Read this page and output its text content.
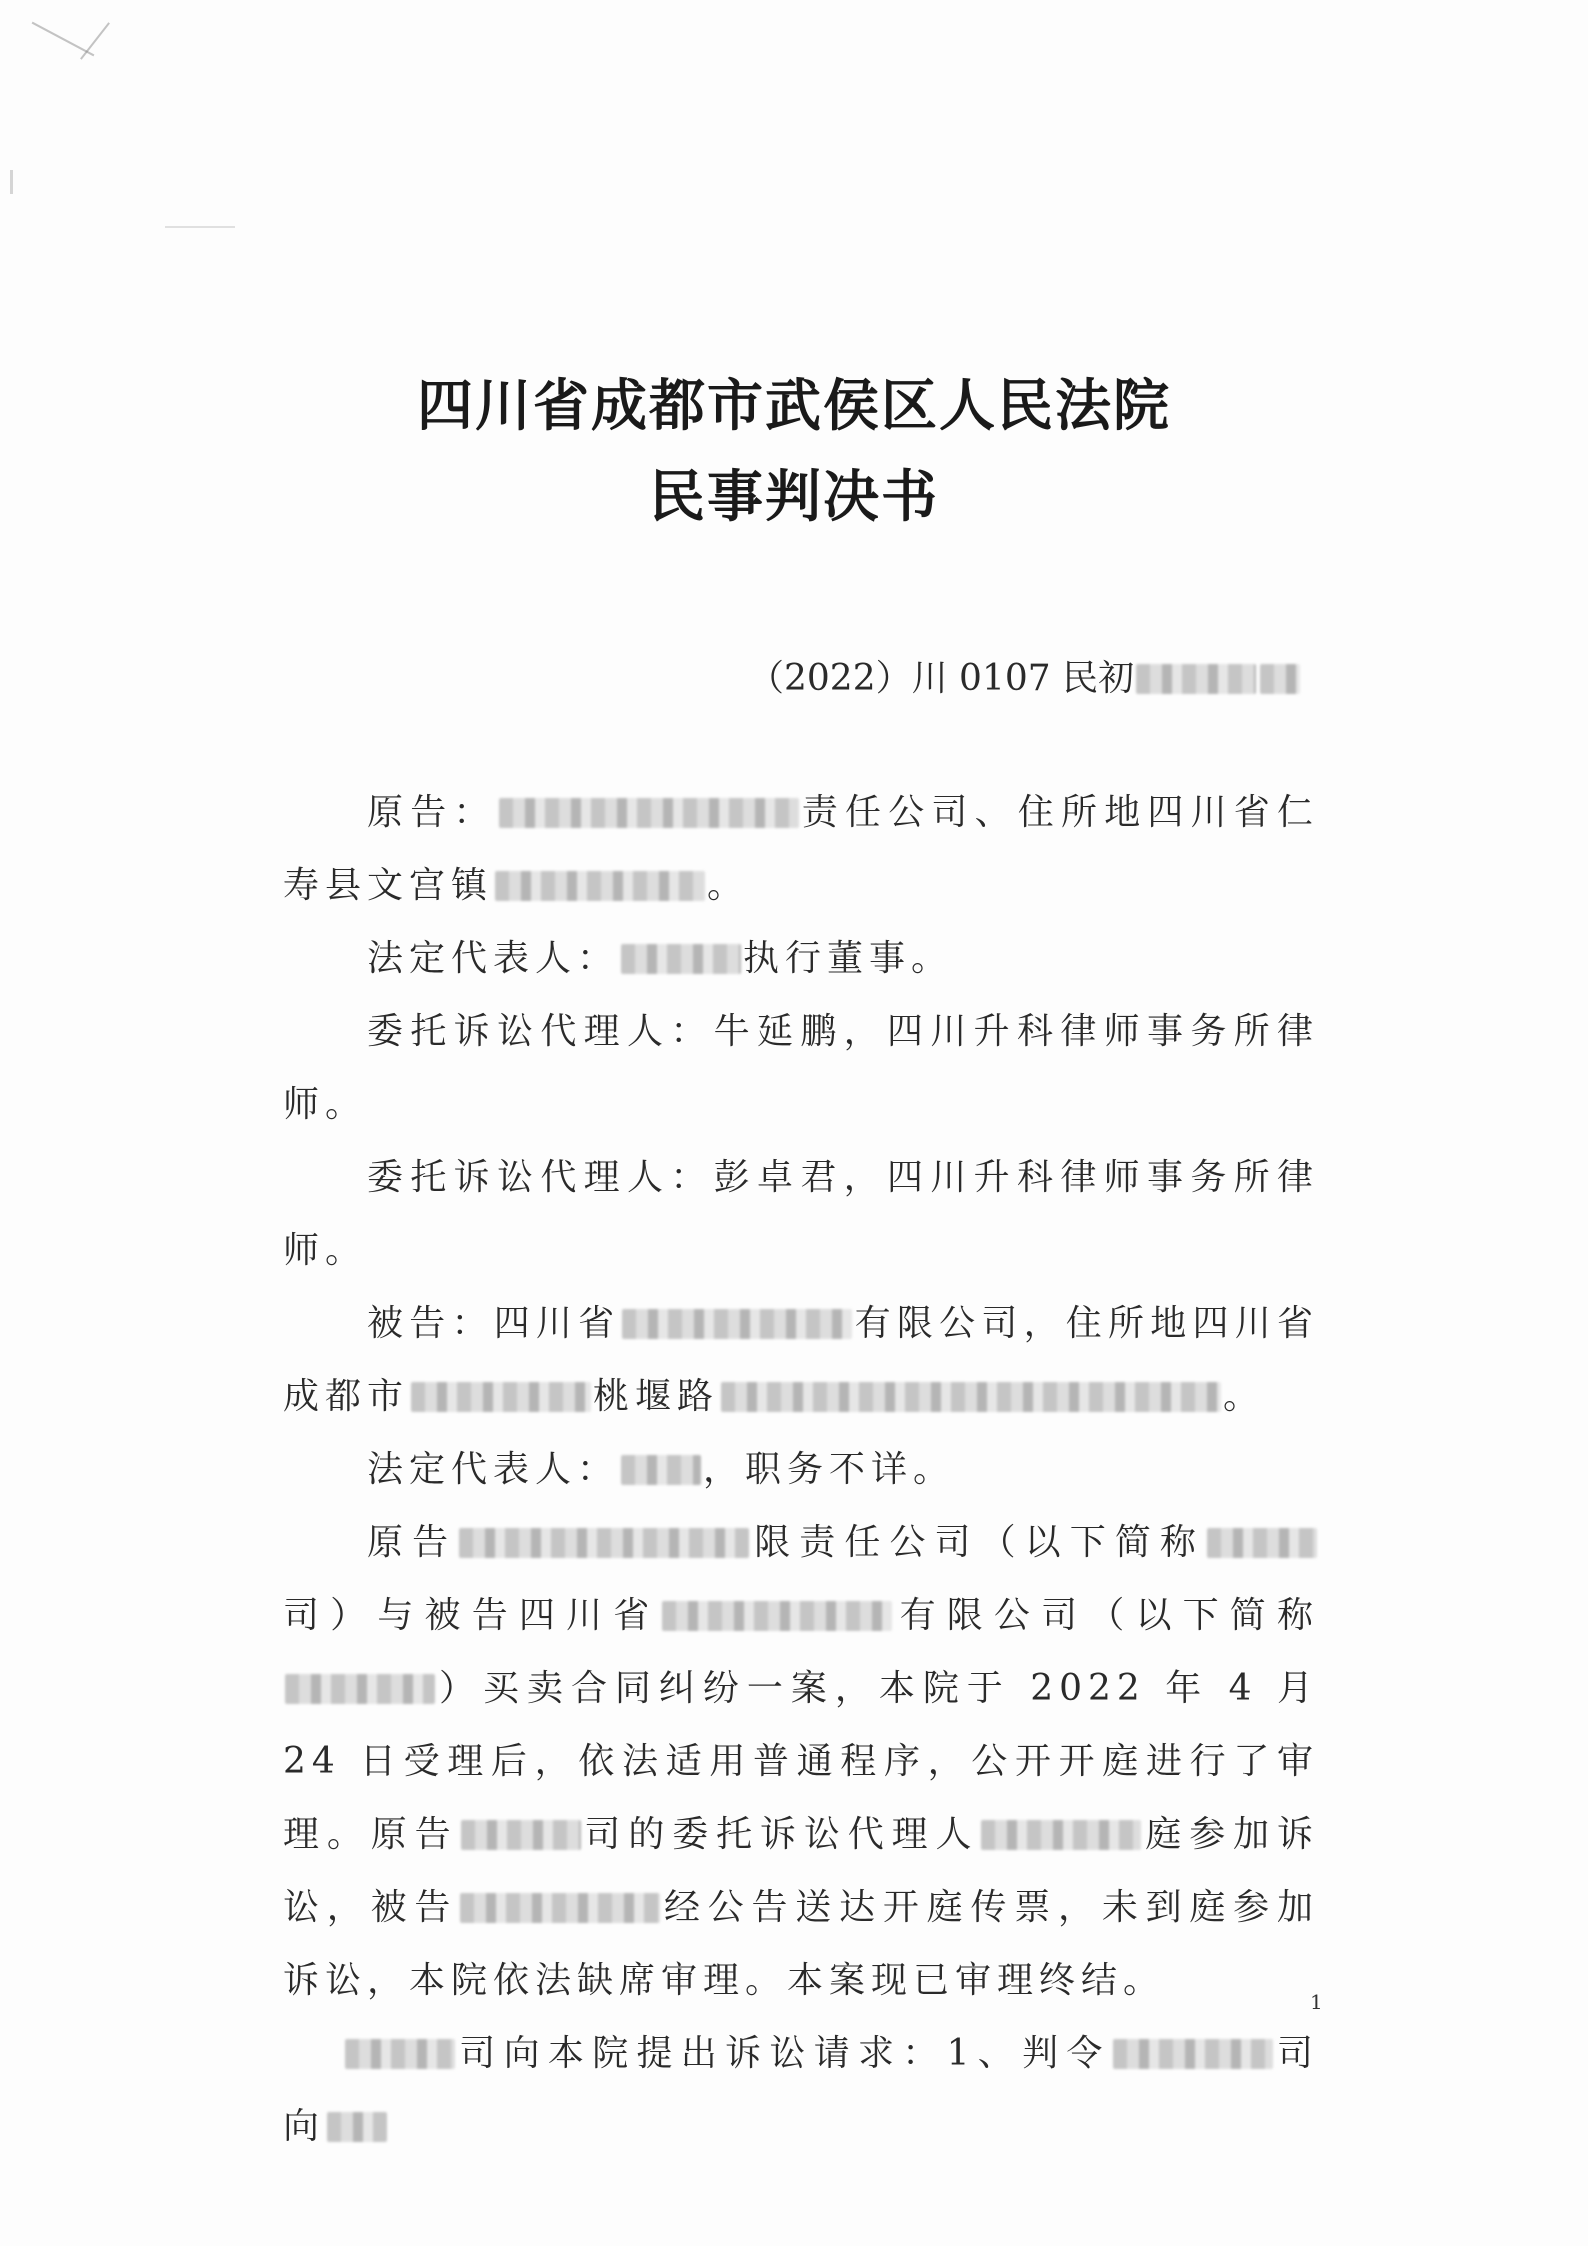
四川省成都市武侯区人民法院
民事判决书
（2022）川 0107 民初

原告：	责任公司、住所地四川省仁寿县文宫镇	。

法定代表人：	执行董事。

委托诉讼代理人：牛延鹏，四川升科律师事务所律师。

委托诉讼代理人：彭卓君，四川升科律师事务所律师。

被告：四川省	有限公司，住所地四川省成都市	桃堰路	。

法定代表人： ，职务不详。

原告	限责任公司（以下简称司）与被告四川省	有限公司（以下简称）买卖合同纠纷一案，本院于 2022 年 4 月 24 日受理后，依法适用普通程序，公开开庭进行了审理。原告	司的委托诉讼代理人	庭参加诉讼，被告	经公告送达开庭传票，未到庭参加诉讼，本院依法缺席审理。本案现已审理终结。

司向本院提出诉讼请求：1、判令	司向

1
